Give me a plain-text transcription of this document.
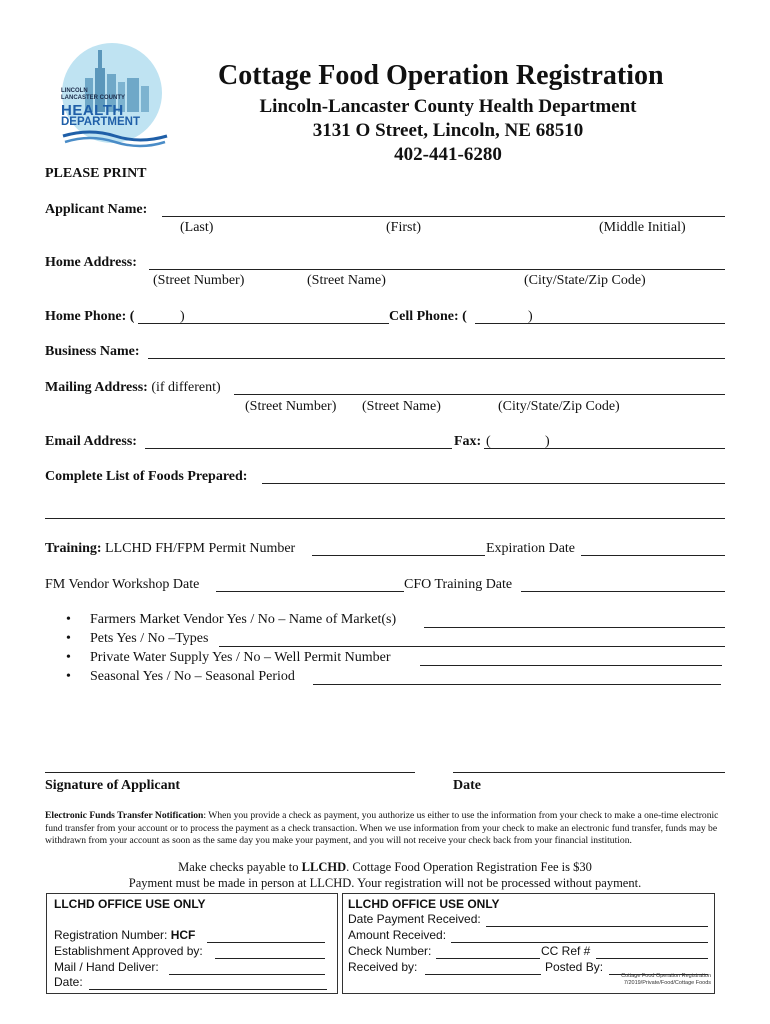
LINCOLN
LANCASTER COUNTY
HEALTH
DEPARTMENT
Cottage Food Operation Registration
Lincoln-Lancaster County Health Department
3131 O Street, Lincoln, NE 68510
402-441-6280
PLEASE PRINT
Applicant Name:
(Last)	(First)	(Middle Initial)
Home Address:
(Street Number)	(Street Name)	(City/State/Zip Code)
Home Phone: (	)	Cell Phone: (	)
Business Name:
Mailing Address: (if different)
(Street Number) (Street Name)	(City/State/Zip Code)
Email Address:	Fax: (	)
Complete List of Foods Prepared:
Training: LLCHD FH/FPM Permit Number	Expiration Date
FM Vendor Workshop Date	CFO Training Date
• Farmers Market Vendor Yes / No – Name of Market(s)
• Pets Yes / No –Types
• Private Water Supply Yes / No – Well Permit Number
• Seasonal Yes / No – Seasonal Period
Signature of Applicant	Date
Electronic Funds Transfer Notification: When you provide a check as payment, you authorize us either to use the information from your check to make a one-time electronic fund transfer from your account or to process the payment as a check transaction. When we use information from your check to make an electronic fund transfer, funds may be withdrawn from your account as soon as the same day you make your payment, and you will not receive your check back from your financial institution.
Make checks payable to LLCHD. Cottage Food Operation Registration Fee is $30
Payment must be made in person at LLCHD. Your registration will not be processed without payment.
LLCHD OFFICE USE ONLY
Registration Number: HCF
Establishment Approved by:
Mail / Hand Deliver:
Date:
LLCHD OFFICE USE ONLY
Date Payment Received:
Amount Received:
Check Number:	CC Ref #
Received by:	Posted By:
Cottage Food Operation Registration
7/2019/Private/Food/Cottage Foods
